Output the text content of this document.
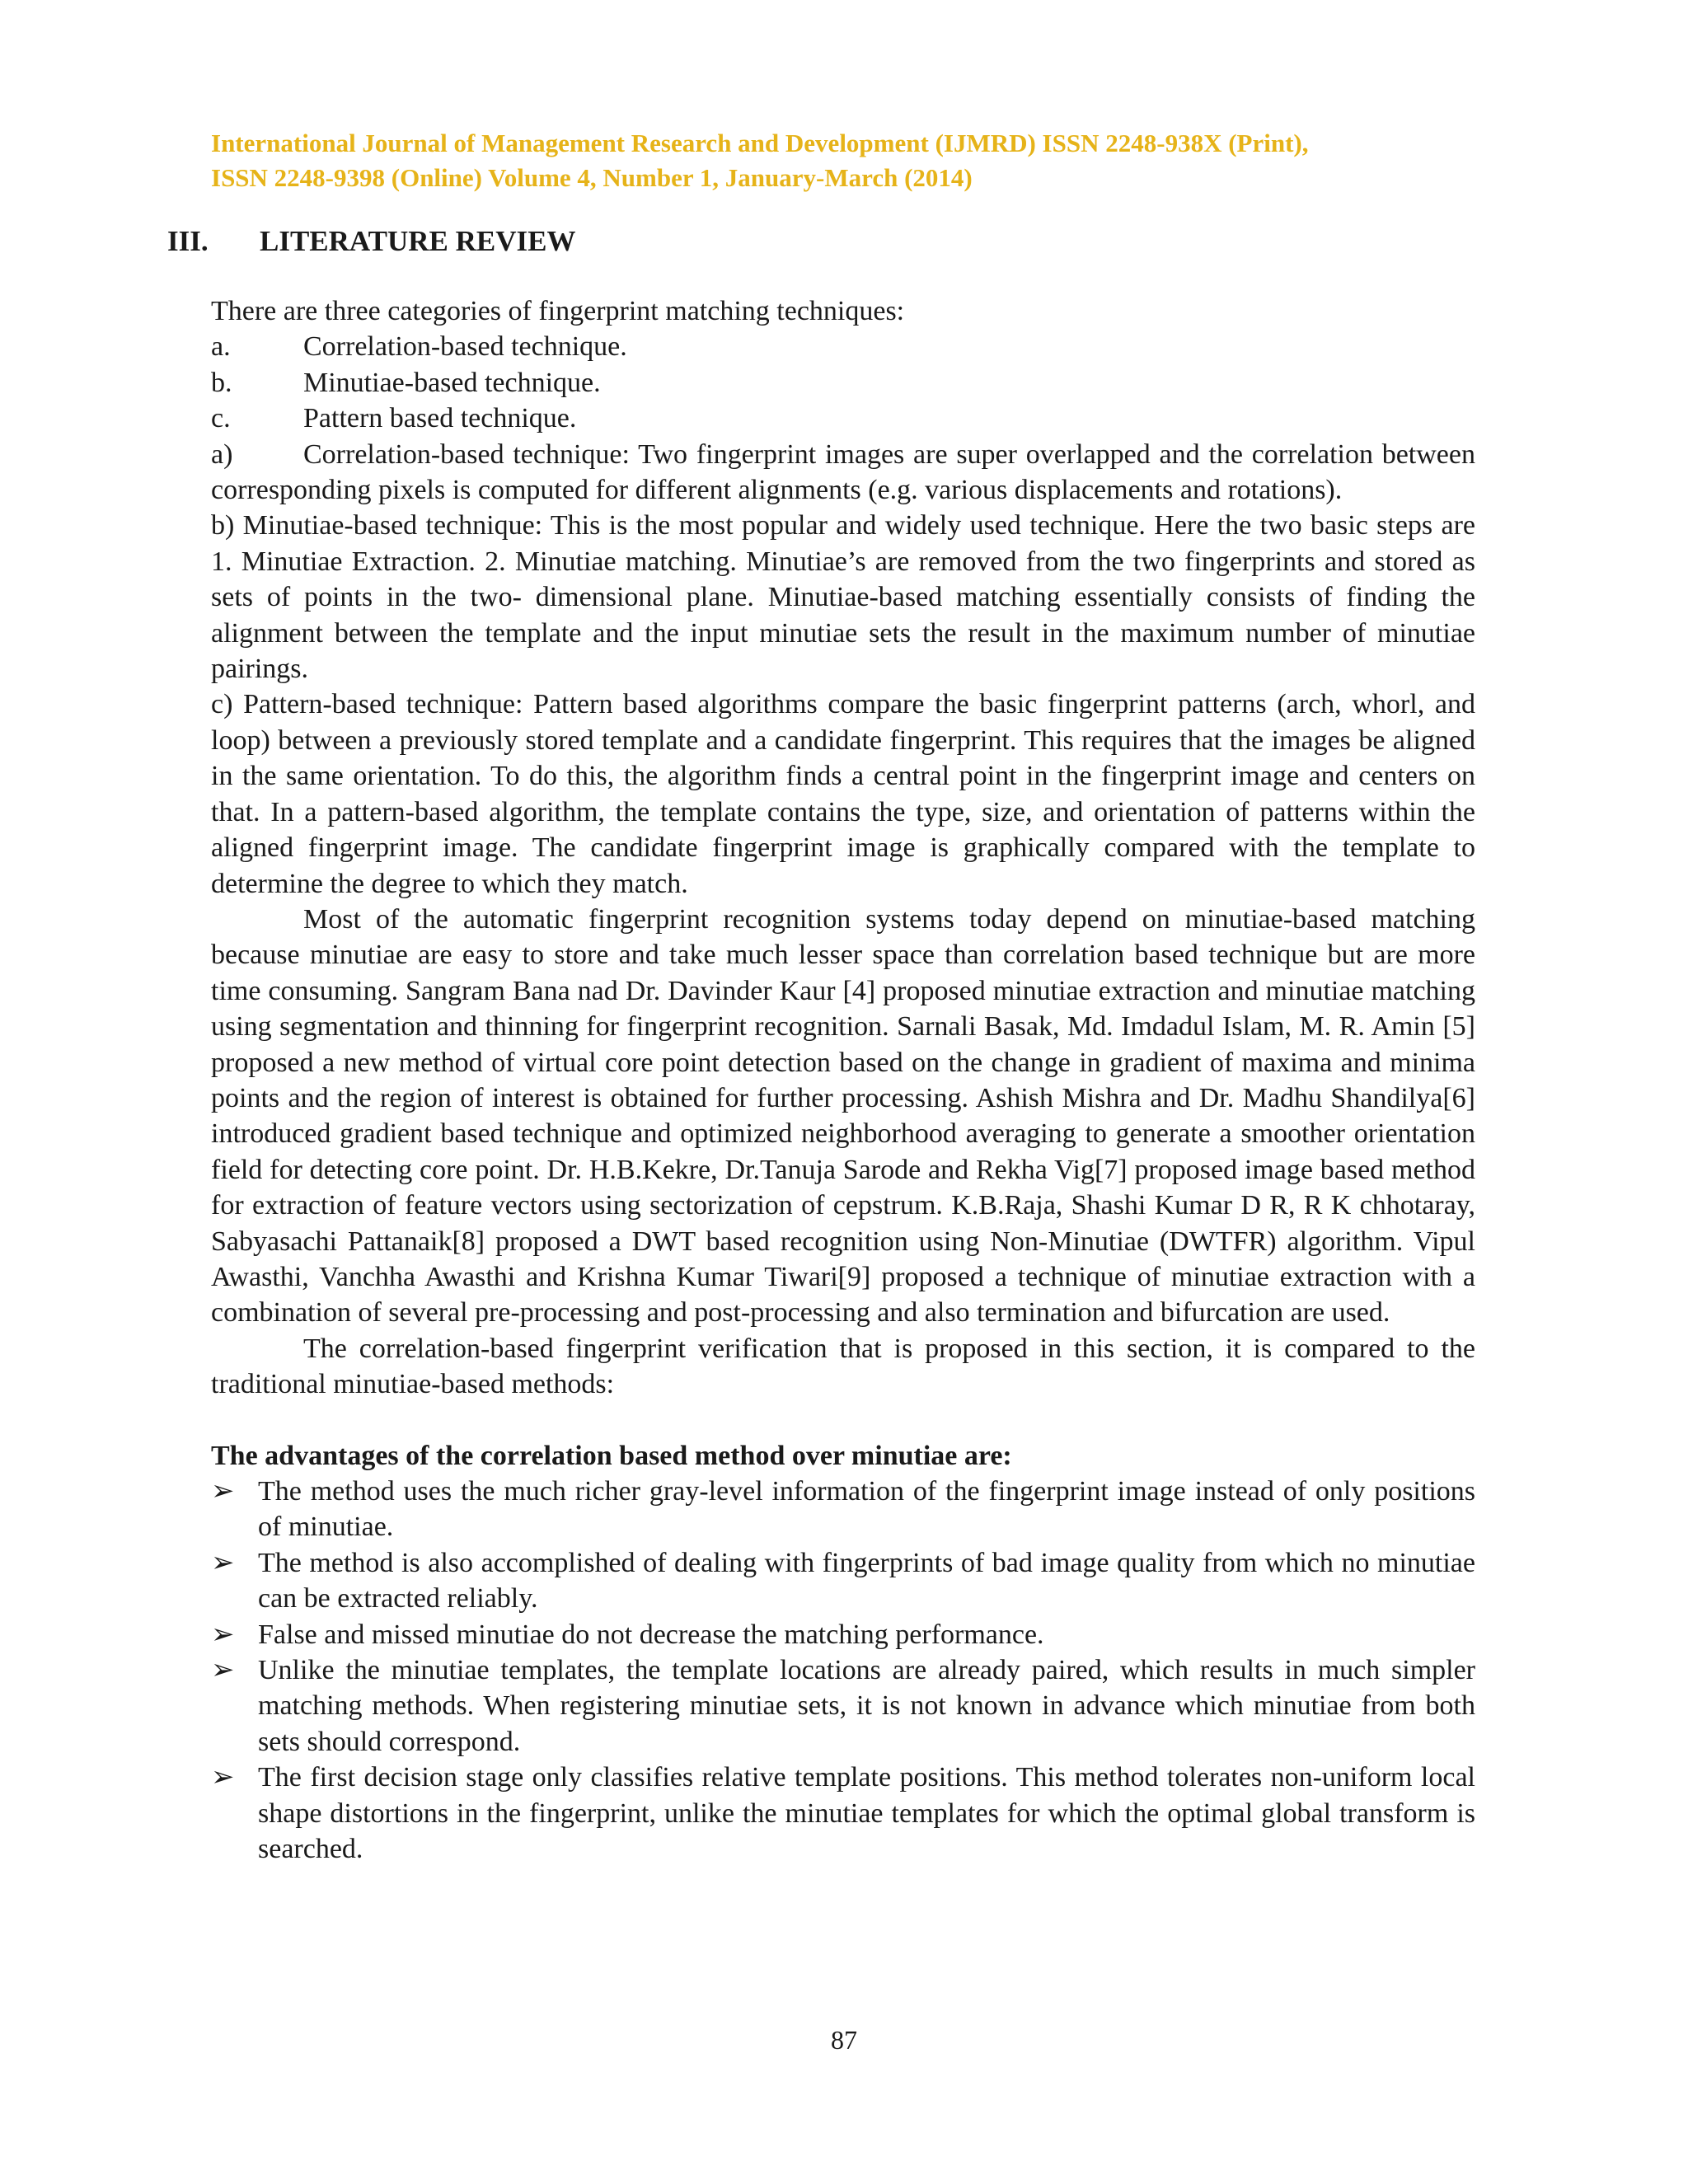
International Journal of Management Research and Development (IJMRD) ISSN 2248-938X (Print),
ISSN 2248-9398 (Online) Volume 4, Number 1, January-March (2014)
III. LITERATURE REVIEW

There are three categories of fingerprint matching techniques:

a.	Correlation-based technique.

b.	Minutiae-based technique.

c.	Pattern based technique.

a)	Correlation-based technique: Two fingerprint images are super overlapped and the correlation between corresponding pixels is computed for different alignments (e.g. various displacements and rotations).

b) Minutiae-based technique: This is the most popular and widely used technique. Here the two basic steps are 1. Minutiae Extraction. 2. Minutiae matching. Minutiae’s are removed from the two fingerprints and stored as sets of points in the two- dimensional plane. Minutiae-based matching essentially consists of finding the alignment between the template and the input minutiae sets the result in the maximum number of minutiae pairings.

c) Pattern-based technique: Pattern based algorithms compare the basic fingerprint patterns (arch, whorl, and loop) between a previously stored template and a candidate fingerprint. This requires that the images be aligned in the same orientation. To do this, the algorithm finds a central point in the fingerprint image and centers on that. In a pattern-based algorithm, the template contains the type, size, and orientation of patterns within the aligned fingerprint image. The candidate fingerprint image is graphically compared with the template to determine the degree to which they match.

Most of the automatic fingerprint recognition systems today depend on minutiae-based matching because minutiae are easy to store and take much lesser space than correlation based technique but are more time consuming. Sangram Bana nad Dr. Davinder Kaur [4] proposed minutiae extraction and minutiae matching using segmentation and thinning for fingerprint recognition. Sarnali Basak, Md. Imdadul Islam, M. R. Amin [5] proposed a new method of virtual core point detection based on the change in gradient of maxima and minima points and the region of interest is obtained for further processing. Ashish Mishra and Dr. Madhu Shandilya[6] introduced gradient based technique and optimized neighborhood averaging to generate a smoother orientation field for detecting core point. Dr. H.B.Kekre, Dr.Tanuja Sarode and Rekha Vig[7] proposed image based method for extraction of feature vectors using sectorization of cepstrum. K.B.Raja, Shashi Kumar D R, R K chhotaray, Sabyasachi Pattanaik[8] proposed a DWT based recognition using Non-Minutiae (DWTFR) algorithm. Vipul Awasthi, Vanchha Awasthi and Krishna Kumar Tiwari[9] proposed a technique of minutiae extraction with a combination of several pre-processing and post-processing and also termination and bifurcation are used.

The correlation-based fingerprint verification that is proposed in this section, it is compared to the traditional minutiae-based methods:

The advantages of the correlation based method over minutiae are:

➢ The method uses the much richer gray-level information of the fingerprint image instead of only positions of minutiae.
➢ The method is also accomplished of dealing with fingerprints of bad image quality from which no minutiae can be extracted reliably.
➢ False and missed minutiae do not decrease the matching performance.
➢ Unlike the minutiae templates, the template locations are already paired, which results in much simpler matching methods. When registering minutiae sets, it is not known in advance which minutiae from both sets should correspond.
➢ The first decision stage only classifies relative template positions. This method tolerates non-uniform local shape distortions in the fingerprint, unlike the minutiae templates for which the optimal global transform is searched.
87
